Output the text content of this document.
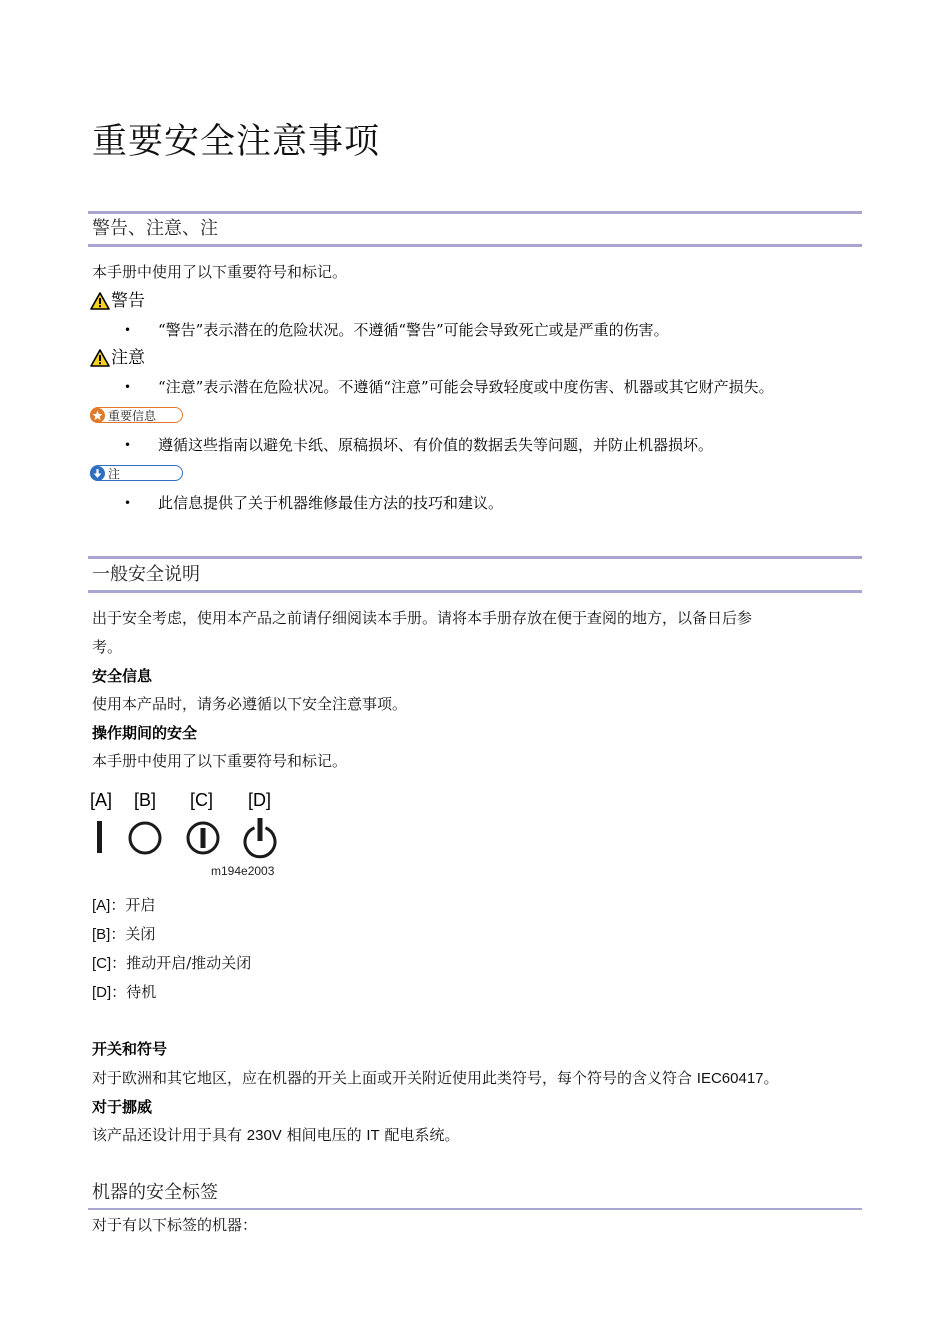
重要安全注意事项
警告、注意、注
本手册中使用了以下重要符号和标记。
警告
•	“警告”表示潜在的危险状况。不遵循“警告”可能会导致死亡或是严重的伤害。
注意
•	“注意”表示潜在危险状况。不遵循“注意”可能会导致轻度或中度伤害、机器或其它财产损失。
重要信息
•	遵循这些指南以避免卡纸、原稿损坏、有价值的数据丢失等问题，并防止机器损坏。
注
•	此信息提供了关于机器维修最佳方法的技巧和建议。
一般安全说明
出于安全考虑，使用本产品之前请仔细阅读本手册。请将本手册存放在便于查阅的地方，以备日后参
考。
安全信息
使用本产品时，请务必遵循以下安全注意事项。
操作期间的安全
本手册中使用了以下重要符号和标记。
[A] [B] [C] [D]
m194e2003
[A]：开启
[B]：关闭
[C]：推动开启/推动关闭
[D]：待机
开关和符号
对于欧洲和其它地区，应在机器的开关上面或开关附近使用此类符号，每个符号的含义符合 IEC60417。
对于挪威
该产品还设计用于具有 230V 相间电压的 IT 配电系统。
机器的安全标签
对于有以下标签的机器：
